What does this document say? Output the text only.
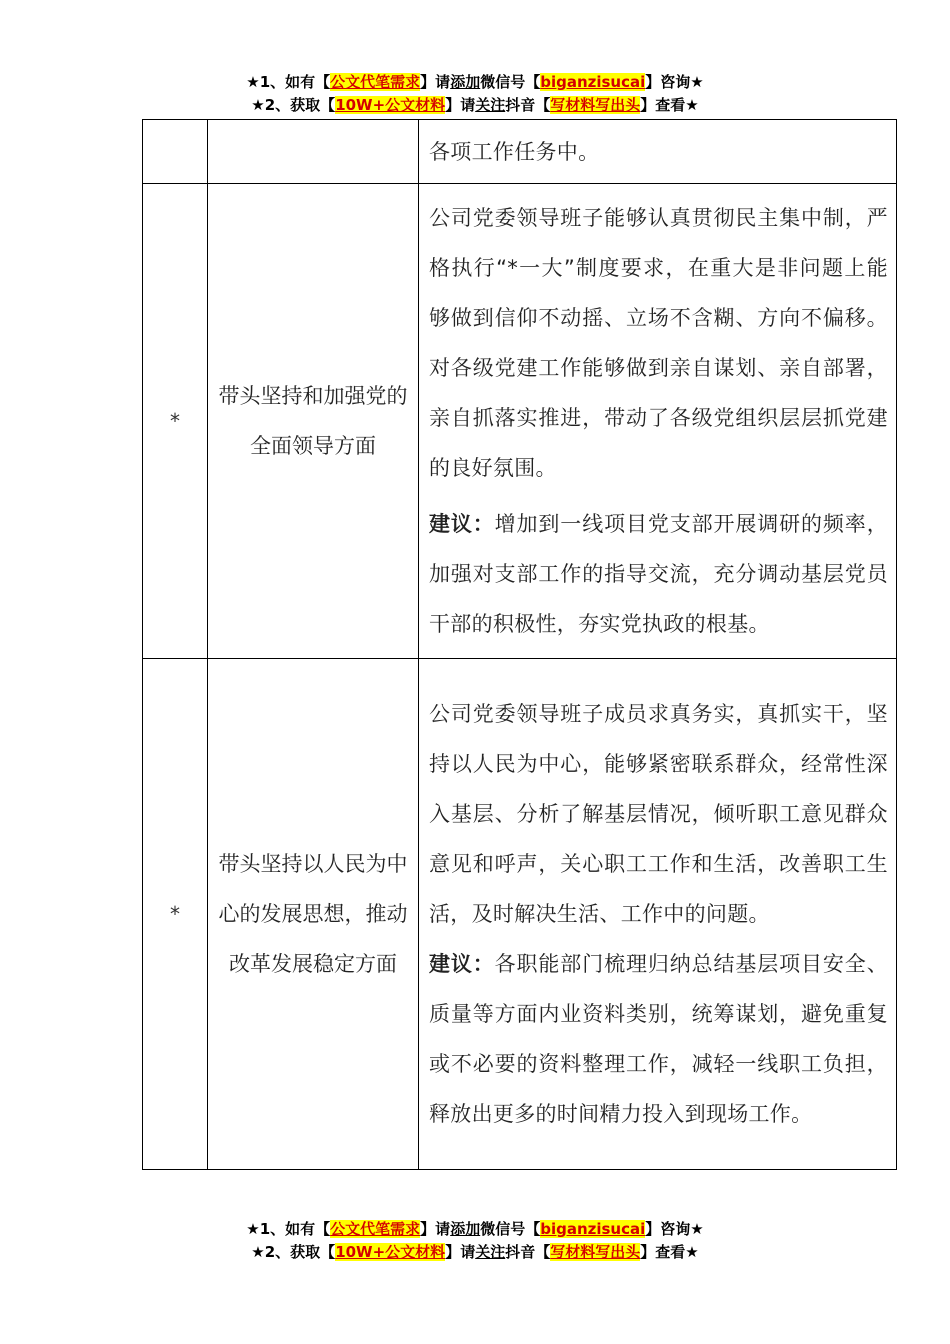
★1、如有【公文代笔需求】请添加微信号【biganzisucai】咨询★
★2、获取【10W+公文材料】请关注抖音【写材料写出头】查看★

		各项工作任务中。

*	带头坚持和加强党的全面领导方面	公司党委领导班子能够认真贯彻民主集中制，严格执行“*一大”制度要求，在重大是非问题上能够做到信仰不动摇、立场不含糊、方向不偏移。对各级党建工作能够做到亲自谋划、亲自部署，亲自抓落实推进，带动了各级党组织层层抓党建的良好氛围。

建议：增加到一线项目党支部开展调研的频率，加强对支部工作的指导交流，充分调动基层党员干部的积极性，夯实党执政的根基。

*	带头坚持以人民为中心的发展思想，推动改革发展稳定方面	公司党委领导班子成员求真务实，真抓实干，坚持以人民为中心，能够紧密联系群众，经常性深入基层、分析了解基层情况，倾听职工意见群众意见和呼声，关心职工工作和生活，改善职工生活，及时解决生活、工作中的问题。

建议：各职能部门梳理归纳总结基层项目安全、质量等方面内业资料类别，统筹谋划，避免重复或不必要的资料整理工作，减轻一线职工负担，释放出更多的时间精力投入到现场工作。

★1、如有【公文代笔需求】请添加微信号【biganzisucai】咨询★
★2、获取【10W+公文材料】请关注抖音【写材料写出头】查看★
